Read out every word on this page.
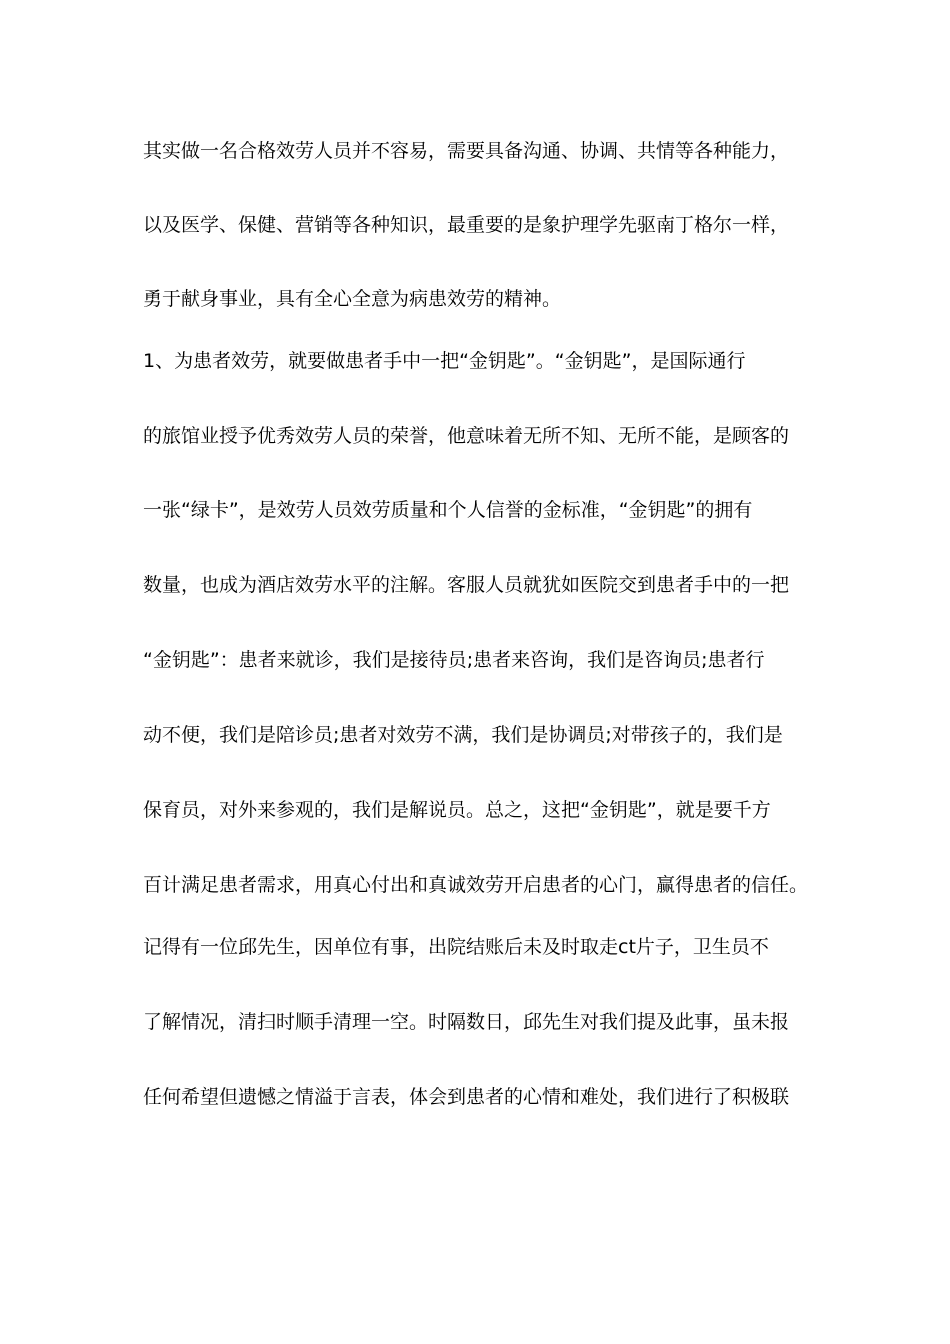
其实做一名合格效劳人员并不容易，需要具备沟通、协调、共情等各种能力，
以及医学、保健、营销等各种知识，最重要的是象护理学先驱南丁格尔一样，
勇于献身事业，具有全心全意为病患效劳的精神。
1、为患者效劳，就要做患者手中一把“金钥匙”。“金钥匙”，是国际通行
的旅馆业授予优秀效劳人员的荣誉，他意味着无所不知、无所不能，是顾客的
一张“绿卡”，是效劳人员效劳质量和个人信誉的金标准，“金钥匙”的拥有
数量，也成为酒店效劳水平的注解。客服人员就犹如医院交到患者手中的一把
“金钥匙”：患者来就诊，我们是接待员;患者来咨询，我们是咨询员;患者行
动不便，我们是陪诊员;患者对效劳不满，我们是协调员;对带孩子的，我们是
保育员，对外来参观的，我们是解说员。总之，这把“金钥匙”，就是要千方
百计满足患者需求，用真心付出和真诚效劳开启患者的心门，赢得患者的信任。
记得有一位邱先生，因单位有事，出院结账后未及时取走ct片子，卫生员不
了解情况，清扫时顺手清理一空。时隔数日，邱先生对我们提及此事，虽未报
任何希望但遗憾之情溢于言表，体会到患者的心情和难处，我们进行了积极联
